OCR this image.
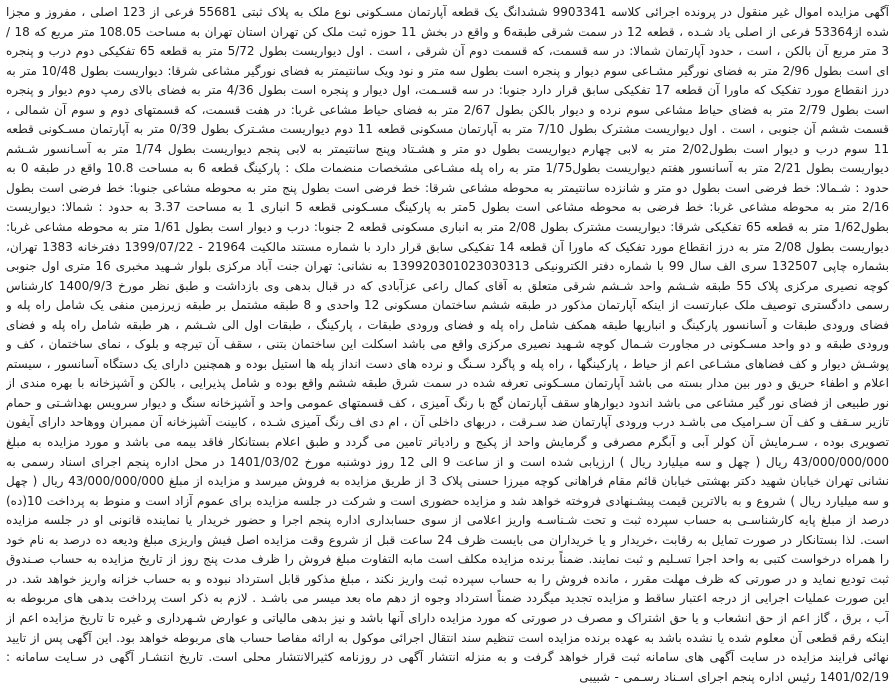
آگهی مزایده اموال غیر منقول در پرونده اجرائی کلاسه 9903341 ششدانگ یک قطعه آپارتمان مسـکونی نوع ملک به پلاک ثبتی 55681 فرعی از 123 اصلی ، مفروز و مجزا شده از53364 فرعی از اصلی یاد شـده ، قطعه 12 در سمت شرقی طبقه6 و واقع در بخش 11 حوزه ثبت ملک کن تهران استان تهران به مساحت 108.05 متر مربع که 18 / 3 متر مربع آن بالکن ، است ، حدود آپارتمان شمالا: در سه قسمت، که قسمت دوم آن شرقی ، است . اول دیواریست بطول 5/72 متر به قطعه 65 تفکیکی دوم درب و پنجره ای است بطول 2/96 متر به فضای نورگیر مشـاعی سوم دیوار و پنجره است بطول سه متر و نود ویک سانتیمتر به فضای نورگیر مشاعی شرقا: دیواریست بطول 10/48 متر به درز انقطاع مورد تفکیک که ماورا آن قطعه 17 تفکیکی سابق قرار دارد جنوبا: در سه قسـمت، اول دیوار و پنجره است بطول 4/36 متر به فضای بالای رمپ دوم دیوار و پنجره است بطول 2/79 متر به فضای حیاط مشاعی سوم نرده و دیوار بالکن بطول 2/67 متر به فضای حیاط مشاعی غربا: در هفت قسمت، که قسمتهای دوم و سوم آن شمالی ، قسمت ششم آن جنوبی ، است . اول دیواریست مشترک بطول 7/10 متر به آپارتمان مسکونی قطعه 11 دوم دیواریست مشـترک بطول 0/39 متر به آپارتمان مسـکونی قطعه 11 سوم درب و دیوار است بطول2/02 متر به لابی چهارم دیواریست بطول دو متر و هشـتاد وپنج سانتیمتر به لابی پنجم دیواریست بطول 1/74 متر به آسـانسور شـشم دیواریست بطول 2/21 متر به آسانسور هفتم دیواریست بطول1/75 متر به راه پله مشـاعی مشخصات منضمات ملک : پارکینگ قطعه 6 به مساحت 10.8 واقع در طبقه 0 به حدود : شـمالا: خط فرضی است بطول دو متر و شانزده سانتیمتر به محوطه مشاعی شرقا: خط فرضی است بطول پنج متر به محوطه مشاعی جنوبا: خط فرضی است بطول 2/16 متر به محوطه مشاعی غربا: خط فرضی به محوطه مشاعی است بطول 5متر به پارکینگ مسـکونی قطعه 5 انباری 1 به مساحت 3.37 به حدود : شمالا: دیواریست بطول1/62 متر به قطعه 65 تفکیکی شرقا: دیواریست مشترک بطول 2/08 متر به انباری مسکونی قطعه 2 جنوبا: درب و دیوار است بطول 1/61 متر به محوطه مشاعی غربا: دیواریست بطول 2/08 متر به درز انقطاع مورد تفکیک که ماورا آن قطعه 14 تفکیکی سابق قرار دارد با شماره مستند مالکیت 21964 - 1399/07/22 دفترخانه 1383 تهران، بشماره چاپی 132507 سری الف سال 99 با شماره دفتر الکترونیکی 139920301023030313 به نشانی: تهران جنت آباد مرکزی بلوار شـهید مخبری 16 متری اول جنوبی کوچه نصیری مرکزی پلاک 55 طبقه شـشم واحد شـشم شرقی متعلق به آقای کمال راعی عزآبادی که در قبال بدهی وی بازداشت و طبق نظر مورخ 1400/9/3 کارشناس رسمی دادگستری توصیف ملک عبارتست از اینکه آپارتمان مذکور در طبقه ششم ساختمان مسکونی 12 واحدی و 8 طبقه مشتمل بر طبقه زیرزمین منفی یک شامل راه پله و فضای ورودی طبقات و آسانسور پارکینگ و انباریها طبقه همکف شامل راه پله و فضای ورودی طبقات ، پارکینگ ، طبقات اول الی شـشم ، هر طبقه شامل راه پله و فضای ورودی طبقه و دو واحد مسـکونی در مجاورت شـمال کوچه شـهید نصیری مرکزی واقع می باشد اسکلت این ساختمان بتنی ، سقف آن تیرچه و بلوک ، نمای ساختمان ، کف و پوشـش دیوار و کف فضاهای مشـاعی اعم از حیاط ، پارکینگها ، راه پله و پاگرد سـنگ و نرده های دست انداز پله ها استیل بوده و همچنین دارای یک دستگاه آسانسور ، سیستم اعلام و اطفاء حریق و دور بین مدار بسته می باشد آپارتمان مسـکونی تعرفه شده در سمت شرق طبقه ششم واقع بوده و شامل پذیرایی ، بالکن و آشپزخانه با بهره مندی از نور طبیعی از فضای نور گیر مشاعی می باشد اندود دیوارهاو سقف آپارتمان گچ با رنگ آمیزی ، کف قسمتهای عمومی واحد و آشپزخانه سنگ و دیوار سرویس بهداشـتی و حمام تازیر سـقف و کف آن سـرامیک می باشـد درب ورودی آپارتمان ضد سـرقت ، دربهای داخلی آن ، ام دی اف رنگ آمیزی شـده ، کابینت آشپزخانه آن ممبران ووهاحد دارای آیفون تصویری بوده ، سـرمایش آن کولر آبی و آبگرم مصرفی و گرمایش واحد از پکیج و رادیاتر تامین می گردد و طبق اعلام بستانکار فاقد بیمه می باشد و مورد مزایده به مبلغ 43/000/000/000 ریال ( چهل و سه میلیارد ریال ) ارزیابی شده است و از ساعت 9 الی 12 روز دوشنبه مورخ 1401/03/02 در محل اداره پنجم اجرای اسناد رسمی به نشانی تهران خیابان شهید دکتر بهشتی خیابان قائم مقام فراهانی کوچه میرزا حسنی پلاک 3 از طریق مزایده به فروش میرسد و مزایده از مبلغ 43/000/000/000 ریال ( چهل و سه میلیارد ریال ) شروع و به بالاترین قیمت پیشـنهادی فروخته خواهد شد و مزایده حضوری است و شرکت در جلسه مزایده برای عموم آزاد است و منوط به پرداخت 10(ده) درصد از مبلغ پایه کارشناسـی به حساب سپرده ثبت و تحت شـناسـه واریز اعلامی از سوی حسابداری اداره پنجم اجرا و حضور خریدار یا نماینده قانونی او در جلسه مزایده است. لذا بستانکار در صورت تمایل به رقابت ،خریدار و یا خریداران می بایست ظرف 24 ساعت قبل از شروع وقت مزایده اصل فیش واریزی مبلغ ودیعه ده درصد به نام خود را همراه درخواست کتبی به واحد اجرا تسـلیم و ثبت نمایند. ضمناً برنده مزایده مکلف است مابه التفاوت مبلغ فروش را ظرف مدت پنج روز از تاریخ مزایده به حساب صـندوق ثبت تودیع نماید و در صورتی که ظرف مهلت مقرر ، مانده فروش را به حساب سپرده ثبت واریز نکند ، مبلغ مذکور قابل استرداد نبوده و به حساب خزانه واریز خواهد شد. در این صورت عملیات اجرایی از درجه اعتبار ساقط و مزایده تجدید میگردد ضمناً استرداد وجوه از دهم ماه بعد میسر می باشـد . لازم به ذکر است پرداخت بدهی های مربوطه به آب ، برق ، گاز اعم از حق انشعاب و یا حق اشتراک و مصرف در صورتی که مورد مزایده دارای آنها باشد و نیز بدهی مالیاتی و عوارض شـهرداری و غیره تا تاریخ مزایده اعم از اینکه رقم قطعی آن معلوم شده یا نشده باشد به عهده برنده مزایده است تنظیم سند انتقال اجرائی موکول به ارائه مفاصا حساب های مربوطه خواهد بود. این آگهی پس از تایید نهائی فرایند مزایده در سایت آگهی های سامانه ثبت قرار خواهد گرفت و به منزله انتشار آگهی در روزنامه کثیرالانتشار محلی است. تاریخ انتشـار آگهی در سـایت سامانه : 1401/02/19 رئیس اداره پنجم اجرای اسـناد رسـمی - شبیبی
